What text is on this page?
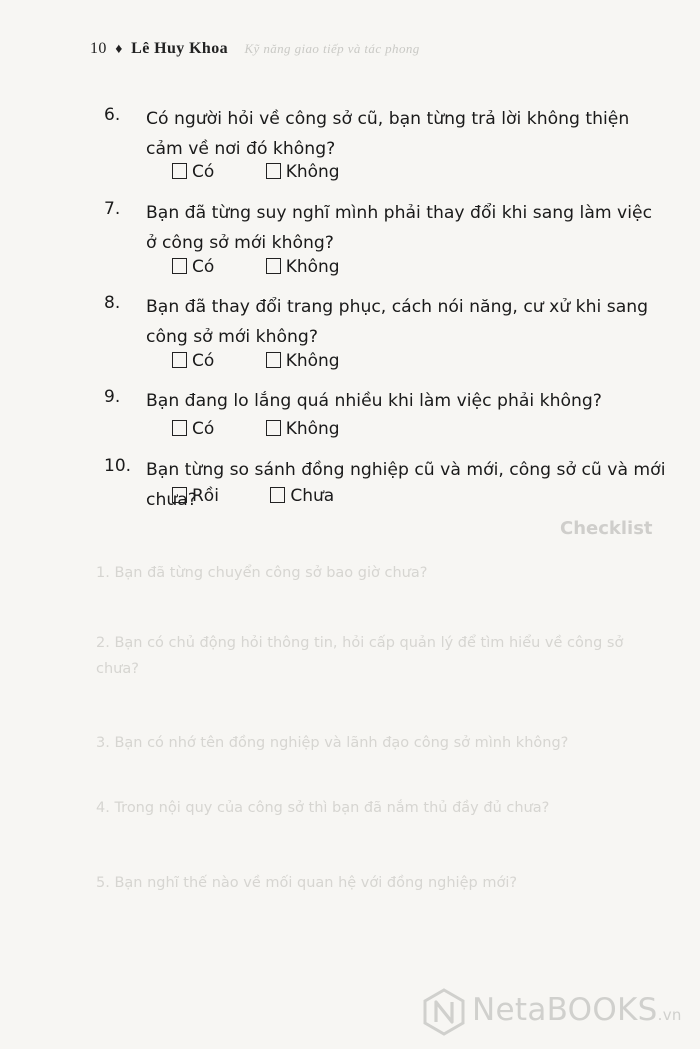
10 ♦ Lê Huy Khoa Kỹ năng giao tiếp và tác phong
Checklist
1. Bạn đã từng chuyển công sở bao giờ chưa?
2. Bạn có chủ động hỏi thông tin, hỏi cấp quản lý để tìm hiểu về công sở chưa?
3. Bạn có nhớ tên đồng nghiệp và lãnh đạo công sở mình không?
4. Trong nội quy của công sở thì bạn đã nắm thủ đầy đủ chưa?
5. Bạn nghĩ thế nào về mối quan hệ với đồng nghiệp mới?
6. Có người hỏi về công sở cũ, bạn từng trả lời không thiện cảm về nơi đó không?
Có	Không
7. Bạn đã từng suy nghĩ mình phải thay đổi khi sang làm việc ở công sở mới không?
Có	Không
8. Bạn đã thay đổi trang phục, cách nói năng, cư xử khi sang công sở mới không?
Có	Không
9. Bạn đang lo lắng quá nhiều khi làm việc phải không?
Có	Không
10. Bạn từng so sánh đồng nghiệp cũ và mới, công sở cũ và mới chưa?
Rồi	Chưa
NetaBOOKS.vn
